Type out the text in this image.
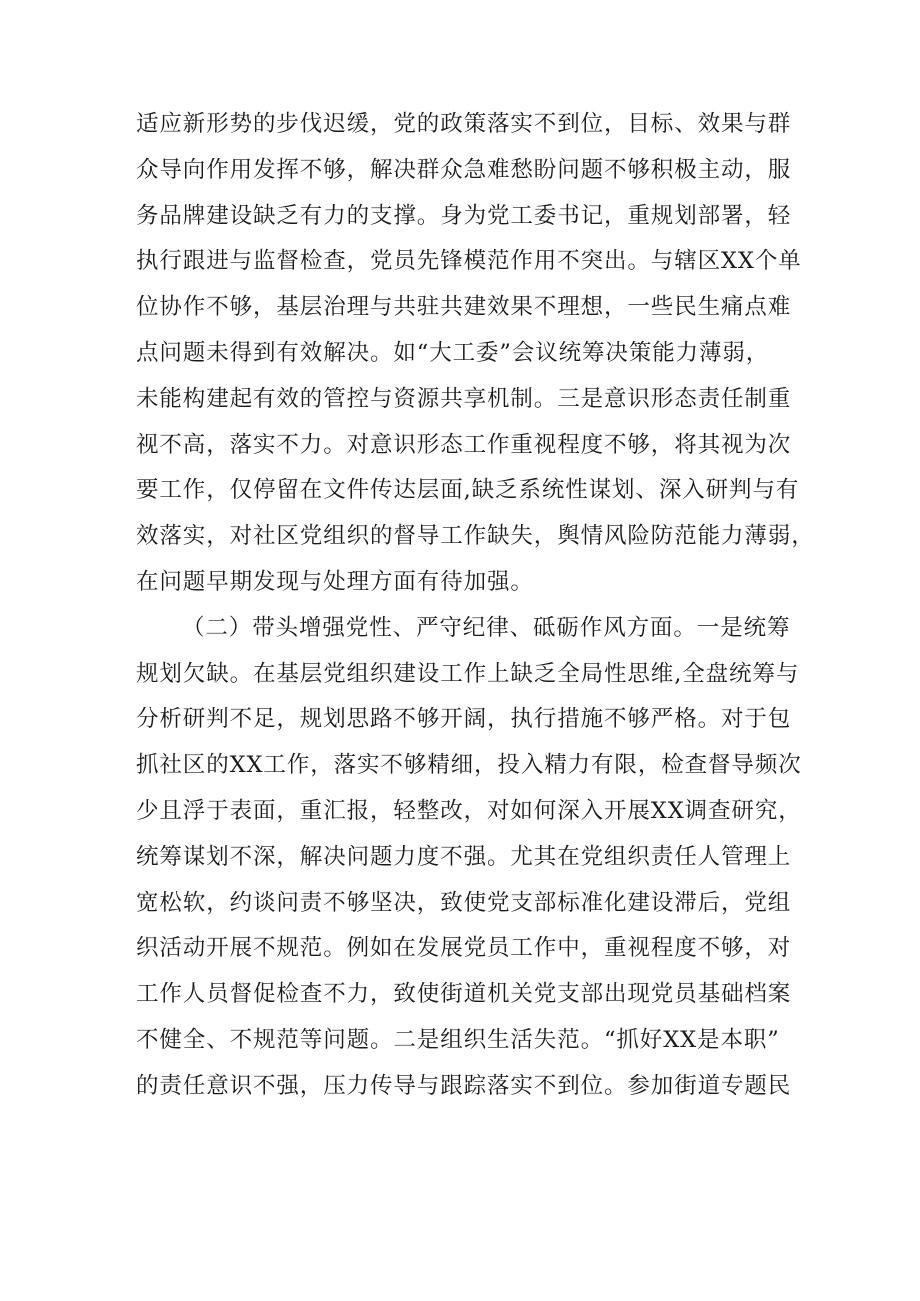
适应新形势的步伐迟缓，党的政策落实不到位，目标、效果与群
众导向作用发挥不够，解决群众急难愁盼问题不够积极主动，服
务品牌建设缺乏有力的支撑。身为党工委书记，重规划部署，轻
执行跟进与监督检查，党员先锋模范作用不突出。与辖区XX个单
位协作不够，基层治理与共驻共建效果不理想，一些民生痛点难
点问题未得到有效解决。如“大工委”会议统筹决策能力薄弱，
未能构建起有效的管控与资源共享机制。三是意识形态责任制重
视不高，落实不力。对意识形态工作重视程度不够，将其视为次
要工作，仅停留在文件传达层面,缺乏系统性谋划、深入研判与有
效落实，对社区党组织的督导工作缺失，舆情风险防范能力薄弱，
在问题早期发现与处理方面有待加强。
（二）带头增强党性、严守纪律、砥砺作风方面。一是统筹
规划欠缺。在基层党组织建设工作上缺乏全局性思维,全盘统筹与
分析研判不足，规划思路不够开阔，执行措施不够严格。对于包
抓社区的XX工作，落实不够精细，投入精力有限，检查督导频次
少且浮于表面，重汇报，轻整改，对如何深入开展XX调查研究，
统筹谋划不深，解决问题力度不强。尤其在党组织责任人管理上
宽松软，约谈问责不够坚决，致使党支部标准化建设滞后，党组
织活动开展不规范。例如在发展党员工作中，重视程度不够，对
工作人员督促检查不力，致使街道机关党支部出现党员基础档案
不健全、不规范等问题。二是组织生活失范。“抓好XX是本职”
的责任意识不强，压力传导与跟踪落实不到位。参加街道专题民
